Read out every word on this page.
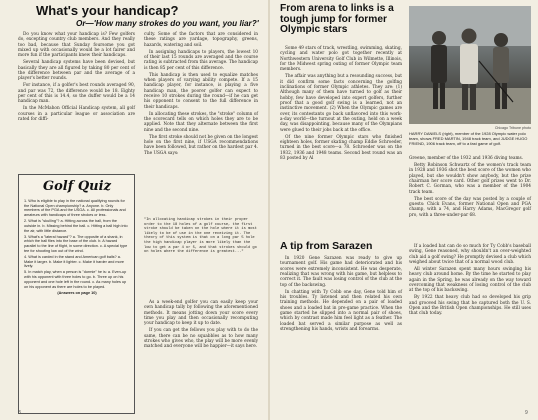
What's your handicap?
Or—'How many strokes do you want, you liar?'

Do you know what your handicap is? Few golfers do, excepting country club members. And they really too bad, because that Sunday foursome you got mixed up with occasionally would be a lot fairer and more fun if the participants knew their handicaps.

Several handicap systems have been devised, but basically they are all figured by taking 80 per cent of the difference between par and the average of a player's better rounds.

For instance, if a golfer's best rounds averaged 90, and par was 72, the difference would be 18. Eighty per cent of this is 14.4, so the duffer would be a 14 handicap man.

In the McMahon Official Handicap system, all golf courses in a particular league or association are rated for diffi-

Golf Quiz
1. Who is eligible to play in the national qualifying rounds for the National Open championship? a. Anyone. b. Only members of the PGA and the USGA. c. All professionals and amateurs with handicaps of three strokes or less.
2. What is "skulling"? a. Hitting across the ball, from the outside in. b. Missing behind the ball. c. Hitting a ball high into the air, with little distance.
3. What's a "lateral hazard"? a. The opposite of a shank, in which the ball flies into the base of the club. b. A hazard parallel to the line of flight, in some direction. c. A special type tee for shooting low out of the wind.
4. What is carded in the stand and American golf balls? a. Make it larger. b. Make it lighter. c. Make it harder and more lively.
5. In match play, when a person is "dormie" he is: a. Even-up with his opponent with three holes to go. b. Three up on his opponent and one hole left in the round. c. As many holes up on his opponent as there are holes to be played.
(Answers on page 10)

culty. Some of the factors that are considered in these ratings are yardage, topography, greens, hazards, watering and soil.

In assigning handicaps to players, the lowest 10 of their last 15 rounds are averaged and the course rating is subtracted from this average. The handicap is then 85 per cent of this difference.

This handicap is then used to equalize matches when players of varying ability compete. If a 15 handicap player, for instance, is playing a five handicap man, the poorer golfer can expect to receive 10 strokes during the round—if he can get his opponent to consent to the full difference in their handicaps.

In allocating these strokes, the "stroke" column of the scorecard tells on which holes they are to be applied. Note that they alternate between the first nine and the second nine.

The first stroke should not be given on the longest hole on the first nine, if USGA recommendations have been followed, but rather on the hardest par 4. The USGA says:

"In allocating handicap strokes in their proper order to the 18 holes of a golf course, the first stroke should be taken on the hole where it is most likely to be of use in the one receiving it. The theory of this system is that on a long par 5 hole the high handicap player is more likely than the low to get a par 4 or 5, and that strokes should go on holes where the difference is greatest..."

As a week-end golfer you can easily keep your own handicap tally by following the aforementioned methods. It means jotting down your score every time you play and then occasionally recomputing your handicap to keep it up to date.

If you can get the fellows you play with to do the same, there can be no squabbles as to how many strokes who gives who, the play will be more evenly matched and everyone will be happier—it says here.

8
From arena to links is a tough jump for former Olympic stars

Some 49 stars of track, wrestling, swimming, skating, cycling and water polo got together recently at Northwestern University Golf Club in Wilmette, Illinois, for the Midwest spring outing of former Olympic team members.

The affair was anything but a resounding success, but it did confirm some facts concerning the golfing inclinations of former Olympic athletes. They are: (1) Although many of them have turned to golf as their hobby, few have developed into expert golfers, further proof that a good golf swing is a learned, not an instinctive movement. (2) When the Olympic games are over, its contestants go back unflavored into this work-a-day world—the turnout at the outing, held on a week day, was disappointing, because many of the Olympians were glued to their jobs back at the office.

Of the nine former Olympic stars who finished eighteen holes, former skating champ Eddie Schroeder, turned in the best score—a 78. Schroeder was on the 1932, 1936 and 1948 teams. Second best round was an 83 posted by Al

Chicago Tribune photo
HARRY DANIELS (right), member of the 1928 Olympic water polo team, shows FRED MARTIN, 1948 track team, and JUDGE HUGO FRIEND, 1906 track team, off to a fast game of golf.

Greene, member of the 1932 and 1936 diving teams.

Betty Robinson Schwartz of the women's track team in 1928 and 1936 shot the best score of the women who played, but she wouldn't show anybody, but the prize chairman her score card. Other golf prizes went to Dr. Robert C. Gorman, who was a member of the 1904 track team.

The best score of the day was posted by a couple of guests: Chick Evans, former National Open and PGA champ, with a 74, and Harry Adams, MacGregor golf pro, with a three-under-par 68.

A tip from Sarazen

In 1920 Gene Sarazen was ready to give up tournament golf. His game had deteriorated and his scores were extremely inconsistent. He was desperate, realizing that was wrong with his game, but helpless to correct it. The fault was losing control of the club at the top of the backswing.

In chatting with Ty Cobb one day, Gene told him of his troubles. Ty listened and then related his own training methods. He depended on a pair of loaded shoes and a loaded bat in pre-game practice. When the game started he slipped into a normal pair of shoes, which by contrast made him feel light as a feather. The loaded bat served a similar purpose as well as strengthening his hands, wrists and forearms.

If a loaded bat can do so much for Ty Cobb's baseball swing, Gene reasoned, why shouldn't an over-weighted club aid a golf swing? He promptly devised a club which weighed about twice that of a normal wood club.

All winter Sarazen spent many hours swinging his heavy club around home. By the time he started to play again in the Spring, he was already on the way toward overcoming that weakness of losing control of the club at the top of his backswing.

By 1922 that heavy club had so developed his grip and grooved his swing that he captured both the U. S. Open and the British Open championships. He still uses that club today.

9
